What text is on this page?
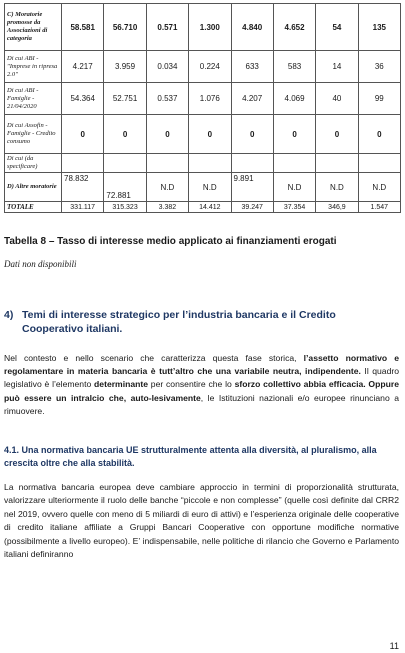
C) Moratorie promosse da Associazioni di categoria	58.581	56.710	0.571	1.300	4.840	4.652	54	135
Di cui ABI - "Imprese in ripresa 2.0"	4.217	3.959	0.034	0.224	633	583	14	36
Di cui ABI - Famiglie - 21/04/2020	54.364	52.751	0.537	1.076	4.207	4.069	40	99
Di cui Assofin - Famiglie - Credito consumo	0	0	0	0	0	0	0	0
Di cui (da specificare)								
D) Altre moratorie	78.832	72.881	N.D	N.D	9.891	N.D	N.D	N.D
TOTALE	331.117	315.323	3.382	14.412	39.247	37.354	346,9	1.547
Tabella 8 – Tasso di interesse medio applicato ai finanziamenti erogati
Dati non disponibili
4) Temi di interesse strategico per l’industria bancaria e il Credito Cooperativo italiani.
Nel contesto e nello scenario che caratterizza questa fase storica, l’assetto normativo e regolamentare in materia bancaria è tutt’altro che una variabile neutra, indipendente. Il quadro legislativo è l’elemento determinante per consentire che lo sforzo collettivo abbia efficacia. Oppure può essere un intralcio che, auto-lesivamente, le Istituzioni nazionali e/o europee rinunciano a rimuovere.
4.1. Una normativa bancaria UE strutturalmente attenta alla diversità, al pluralismo, alla crescita oltre che alla stabilità.
La normativa bancaria europea deve cambiare approccio in termini di proporzionalità strutturata, valorizzare ulteriormente il ruolo delle banche “piccole e non complesse” (quelle così definite dal CRR2 nel 2019, ovvero quelle con meno di 5 miliardi di euro di attivi) e l’esperienza originale delle cooperative di credito italiane affiliate a Gruppi Bancari Cooperative con opportune modifiche normative (possibilmente a livello europeo). E’ indispensabile, nelle politiche di rilancio che Governo e Parlamento italiani definiranno
11
